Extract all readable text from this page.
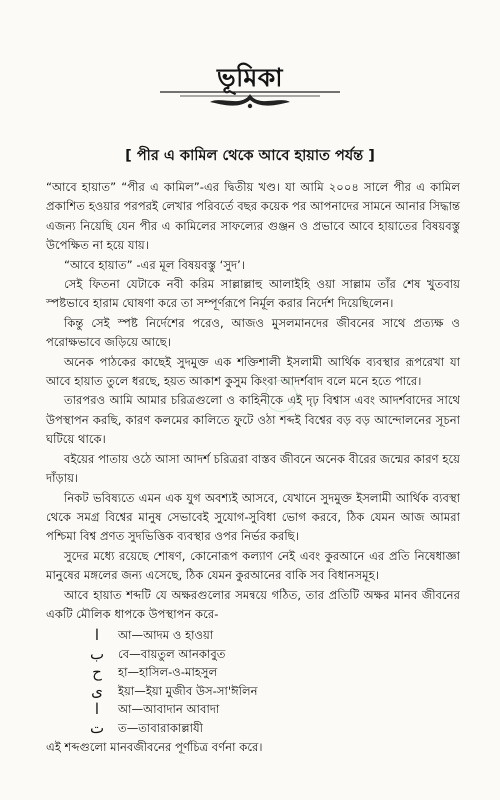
ভূমিকা
[ পীর এ কামিল থেকে আবে হায়াত পর্যন্ত ]

“আবে হায়াত” “পীর এ কামিল”-এর দ্বিতীয় খণ্ড। যা আমি ২০০৪ সালে পীর এ কামিল প্রকাশিত হওয়ার পরপরই লেখার পরিবর্তে বছর কয়েক পর আপনাদের সামনে আনার সিদ্ধান্ত এজন্য নিয়েছি যেন পীর এ কামিলের সাফল্যের গুঞ্জন ও প্রভাবে আবে হায়াতের বিষয়বস্তু উপেক্ষিত না হয়ে যায়।

“আবে হায়াত” -এর মূল বিষয়বস্তু ‘সুদ’।

সেই ফিতনা যেটাকে নবী করিম সাল্লাল্লাহু আলাইহি ওয়া সাল্লাম তাঁর শেষ খুতবায় স্পষ্টভাবে হারাম ঘোষণা করে তা সম্পূর্ণরূপে নির্মূল করার নির্দেশ দিয়েছিলেন।

কিন্তু সেই স্পষ্ট নির্দেশের পরেও, আজও মুসলমানদের জীবনের সাথে প্রত্যক্ষ ও পরোক্ষভাবে জড়িয়ে আছে।

অনেক পাঠকের কাছেই সুদমুক্ত এক শক্তিশালী ইসলামী আর্থিক ব্যবস্থার রূপরেখা যা আবে হায়াত তুলে ধরছে, হয়ত আকাশ কুসুম কিংবা আদর্শবাদ বলে মনে হতে পারে।

তারপরও আমি আমার চরিত্রগুলো ও কাহিনীকে এই দৃঢ় বিশ্বাস এবং আদর্শবাদের সাথে উপস্থাপন করছি, কারণ কলমের কালিতে ফুটে ওঠা শব্দই বিশ্বের বড় বড় আন্দোলনের সূচনা ঘটিয়ে থাকে।

বইয়ের পাতায় ওঠে আসা আদর্শ চরিত্ররা বাস্তব জীবনে অনেক বীরের জন্মের কারণ হয়ে দাঁড়ায়।

নিকট ভবিষ্যতে এমন এক যুগ অবশ্যই আসবে, যেখানে সুদমুক্ত ইসলামী আর্থিক ব্যবস্থা থেকে সমগ্র বিশ্বের মানুষ সেভাবেই সুযোগ-সুবিধা ভোগ করবে, ঠিক যেমন আজ আমরা পশ্চিমা বিশ্ব প্রণত সুদভিত্তিক ব্যবস্থার ওপর নির্ভর করছি।

সুদের মধ্যে রয়েছে শোষণ, কোনোরূপ কল্যাণ নেই এবং কুরআনে এর প্রতি নিষেধাজ্ঞা মানুষের মঙ্গলের জন্য এসেছে, ঠিক যেমন কুরআনের বাকি সব বিধানসমূহ।

আবে হায়াত শব্দটি যে অক্ষরগুলোর সমন্বয়ে গঠিত, তার প্রতিটি অক্ষর মানব জীবনের একটি মৌলিক ধাপকে উপস্থাপন করে-

ا	আ—আদম ও হাওয়া
ب	বে—বায়তুল আনকাবুত
ح	হা—হাসিল-ও-মাহসুল
ی	ইয়া—ইয়া মুজীব উস-সা'ঈলিন
ا	আ—আবাদান আবাদা
ت	ত—তাবারাকাল্লাযী

এই শব্দগুলো মানবজীবনের পূর্ণচিত্র বর্ণনা করে।
